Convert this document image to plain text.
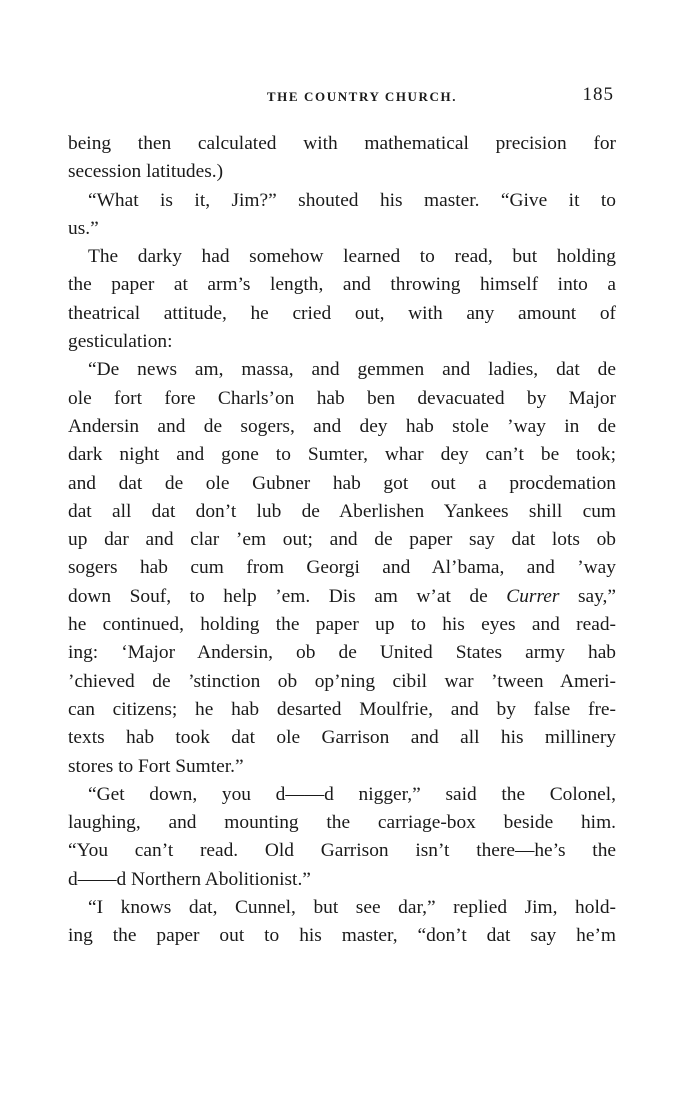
THE COUNTRY CHURCH.	185
being then calculated with mathematical precision for
secession latitudes.)
“What is it, Jim?” shouted his master. “Give it to
us.”
The darky had somehow learned to read, but holding
the paper at arm’s length, and throwing himself into a
theatrical attitude, he cried out, with any amount of
gesticulation:
“De news am, massa, and gemmen and ladies, dat de
ole fort fore Charls’on hab ben devacuated by Major
Andersin and de sogers, and dey hab stole ’way in de
dark night and gone to Sumter, whar dey can’t be took;
and dat de ole Gubner hab got out a procdemation
dat all dat don’t lub de Aberlishen Yankees shill cum
up dar and clar ’em out; and de paper say dat lots ob
sogers hab cum from Georgi and Al’bama, and ’way
down Souf, to help ’em. Dis am w’at de Currer say,”
he continued, holding the paper up to his eyes and read-
ing: ‘Major Andersin, ob de United States army hab
’chieved de ’stinction ob op’ning cibil war ’tween Ameri-
can citizens; he hab desarted Moulfrie, and by false fre-
texts hab took dat ole Garrison and all his millinery
stores to Fort Sumter.”
“Get down, you d——d nigger,” said the Colonel,
laughing, and mounting the carriage-box beside him.
“You can’t read. Old Garrison isn’t there—he’s the
d——d Northern Abolitionist.”
“I knows dat, Cunnel, but see dar,” replied Jim, hold-
ing the paper out to his master, “don’t dat say he’m
